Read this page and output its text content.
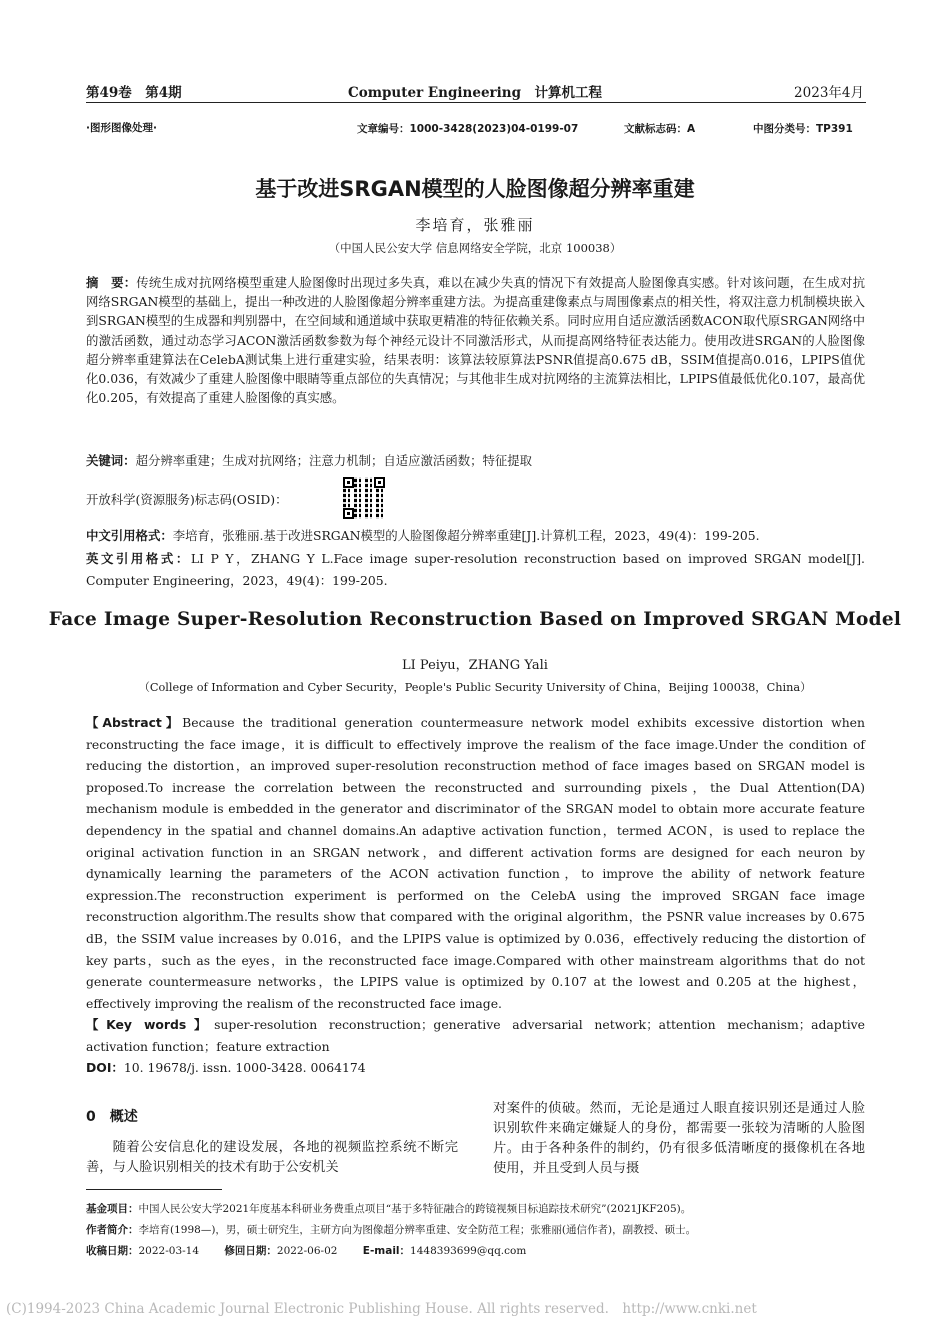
第49卷　第4期	Computer Engineering　计算机工程	2023年4月
·图形图像处理·	文章编号：1000-3428(2023)04-0199-07	文献标志码：A	中图分类号：TP391
基于改进SRGAN模型的人脸图像超分辨率重建
李培育，张雅丽
（中国人民公安大学 信息网络安全学院，北京 100038）
摘　要：传统生成对抗网络模型重建人脸图像时出现过多失真，难以在减少失真的情况下有效提高人脸图像真实感。针对该问题，在生成对抗网络SRGAN模型的基础上，提出一种改进的人脸图像超分辨率重建方法。为提高重建像素点与周围像素点的相关性，将双注意力机制模块嵌入到SRGAN模型的生成器和判别器中，在空间域和通道域中获取更精准的特征依赖关系。同时应用自适应激活函数ACON取代原SRGAN网络中的激活函数，通过动态学习ACON激活函数参数为每个神经元设计不同激活形式，从而提高网络特征表达能力。使用改进SRGAN的人脸图像超分辨率重建算法在CelebA测试集上进行重建实验，结果表明：该算法较原算法PSNR值提高0.675 dB，SSIM值提高0.016，LPIPS值优化0.036，有效减少了重建人脸图像中眼睛等重点部位的失真情况；与其他非生成对抗网络的主流算法相比，LPIPS值最低优化0.107，最高优化0.205，有效提高了重建人脸图像的真实感。
关键词：超分辨率重建；生成对抗网络；注意力机制；自适应激活函数；特征提取
开放科学(资源服务)标志码(OSID)：
中文引用格式：李培育，张雅丽.基于改进SRGAN模型的人脸图像超分辨率重建[J].计算机工程，2023，49(4)：199-205.
英文引用格式：LI P Y，ZHANG Y L.Face image super-resolution reconstruction based on improved SRGAN model[J]. Computer Engineering，2023，49(4)：199-205.
Face Image Super-Resolution Reconstruction Based on Improved SRGAN Model
LI Peiyu，ZHANG Yali
（College of Information and Cyber Security，People's Public Security University of China，Beijing 100038，China）
【Abstract】Because the traditional generation countermeasure network model exhibits excessive distortion when reconstructing the face image，it is difficult to effectively improve the realism of the face image.Under the condition of reducing the distortion，an improved super-resolution reconstruction method of face images based on SRGAN model is proposed.To increase the correlation between the reconstructed and surrounding pixels，the Dual Attention(DA) mechanism module is embedded in the generator and discriminator of the SRGAN model to obtain more accurate feature dependency in the spatial and channel domains.An adaptive activation function，termed ACON，is used to replace the original activation function in an SRGAN network，and different activation forms are designed for each neuron by dynamically learning the parameters of the ACON activation function，to improve the ability of network feature expression.The reconstruction experiment is performed on the CelebA using the improved SRGAN face image reconstruction algorithm.The results show that compared with the original algorithm，the PSNR value increases by 0.675 dB，the SSIM value increases by 0.016，and the LPIPS value is optimized by 0.036，effectively reducing the distortion of key parts，such as the eyes，in the reconstructed face image.Compared with other mainstream algorithms that do not generate countermeasure networks，the LPIPS value is optimized by 0.107 at the lowest and 0.205 at the highest，effectively improving the realism of the reconstructed face image.
【Key words】super-resolution reconstruction；generative adversarial network；attention mechanism；adaptive activation function；feature extraction
DOI：10. 19678/j. issn. 1000-3428. 0064174
0　概述
随着公安信息化的建设发展，各地的视频监控系统不断完善，与人脸识别相关的技术有助于公安机关
对案件的侦破。然而，无论是通过人眼直接识别还是通过人脸识别软件来确定嫌疑人的身份，都需要一张较为清晰的人脸图片。由于各种条件的制约，仍有很多低清晰度的摄像机在各地使用，并且受到人员与摄
基金项目：中国人民公安大学2021年度基本科研业务费重点项目“基于多特征融合的跨镜视频目标追踪技术研究”(2021JKF205)。
作者简介：李培育(1998—)，男，硕士研究生，主研方向为图像超分辨率重建、安全防范工程；张雅丽(通信作者)，副教授、硕士。
收稿日期：2022-03-14 修回日期：2022-06-02 E-mail：1448393699@qq.com
(C)1994-2023 China Academic Journal Electronic Publishing House. All rights reserved.　http://www.cnki.net
